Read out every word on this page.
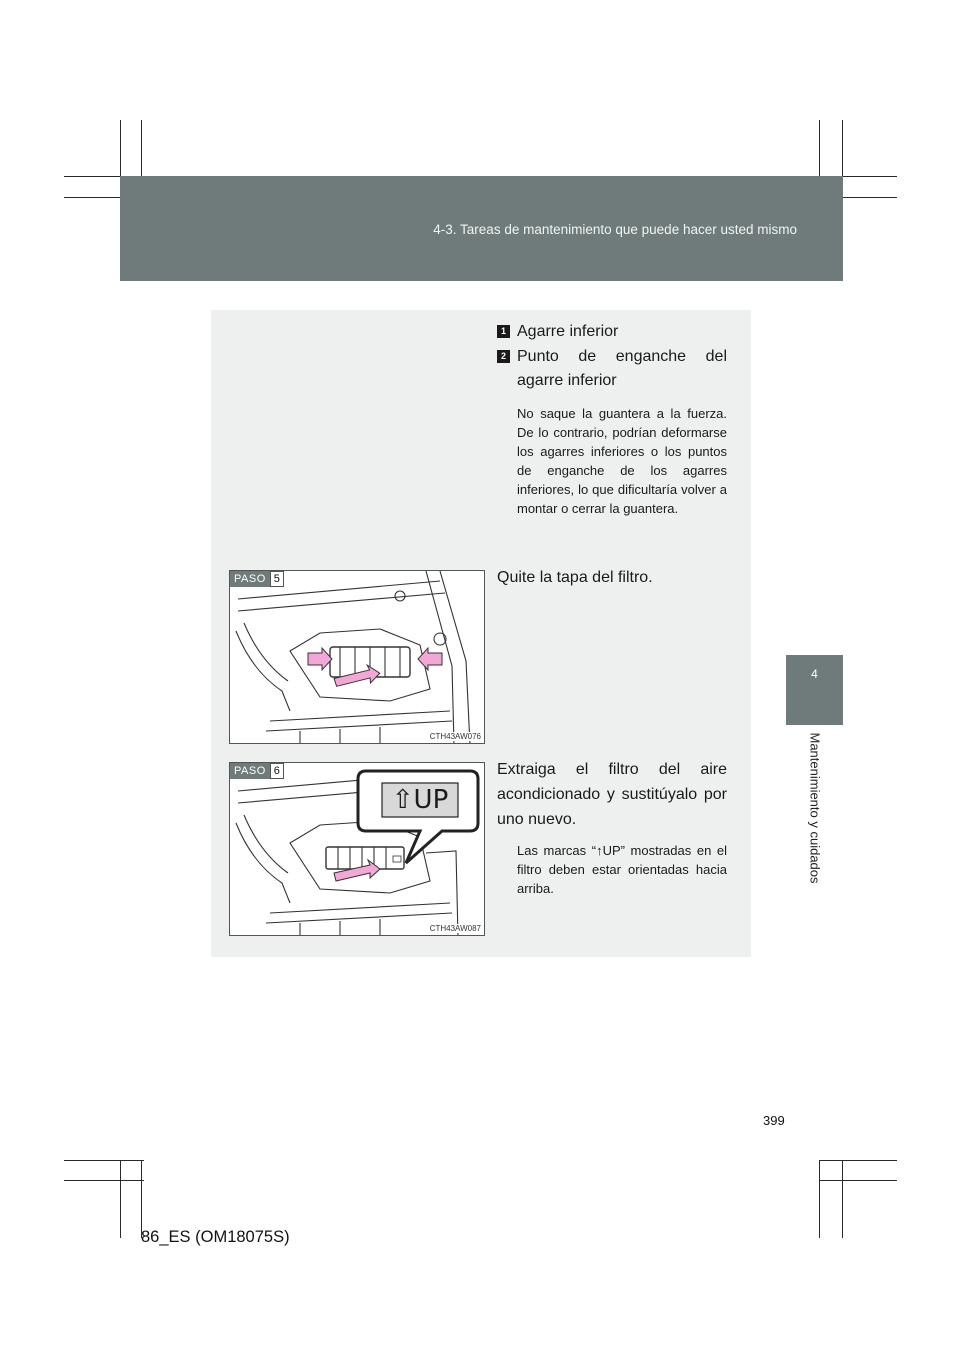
4-3. Tareas de mantenimiento que puede hacer usted mismo
4
Mantenimiento y cuidados
1 Agarre inferior
2 Punto de enganche del agarre inferior
No saque la guantera a la fuerza. De lo contrario, podrían deformarse los agarres inferiores o los puntos de enganche de los agarres inferiores, lo que dificultaría volver a montar o cerrar la guantera.
PASO 5
CTH43AW076
Quite la tapa del filtro.
⇧UP
PASO 6
CTH43AW087
Extraiga el filtro del aire acondicionado y sustitúyalo por uno nuevo.
Las marcas “↑UP” mostradas en el filtro deben estar orientadas hacia arriba.
399
86_ES (OM18075S)
